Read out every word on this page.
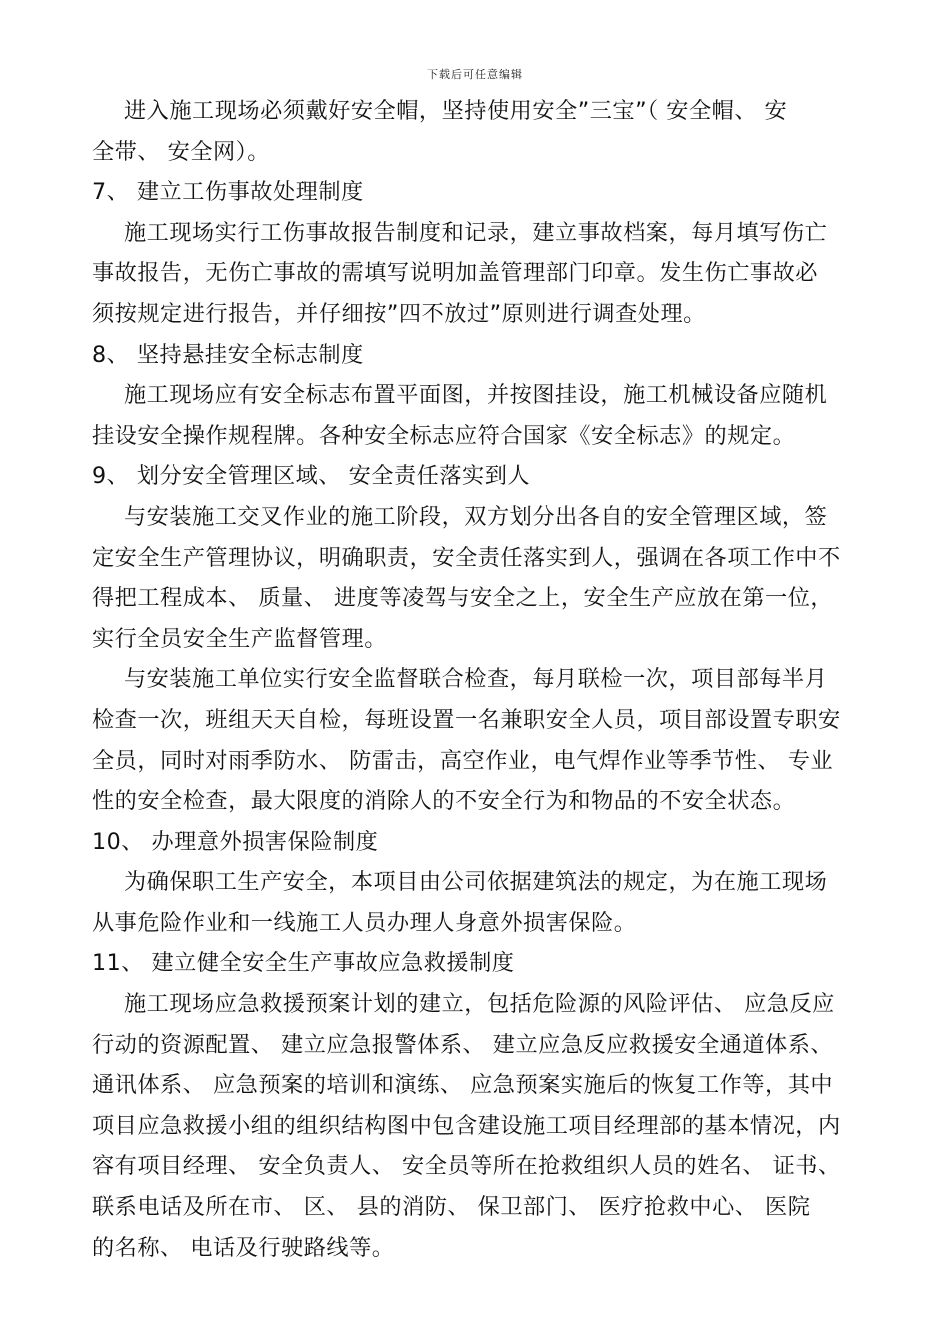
下载后可任意编辑
进入施工现场必须戴好安全帽，坚持使用安全”三宝”（ 安全帽、 安
全带、 安全网）。
7、 建立工伤事故处理制度
施工现场实行工伤事故报告制度和记录，建立事故档案，每月填写伤亡
事故报告，无伤亡事故的需填写说明加盖管理部门印章。发生伤亡事故必
须按规定进行报告，并仔细按”四不放过”原则进行调查处理。
8、 坚持悬挂安全标志制度
施工现场应有安全标志布置平面图，并按图挂设，施工机械设备应随机
挂设安全操作规程牌。各种安全标志应符合国家《安全标志》的规定。
9、 划分安全管理区域、 安全责任落实到人
与安装施工交叉作业的施工阶段，双方划分出各自的安全管理区域，签
定安全生产管理协议，明确职责，安全责任落实到人，强调在各项工作中不
得把工程成本、 质量、 进度等凌驾与安全之上，安全生产应放在第一位，
实行全员安全生产监督管理。
与安装施工单位实行安全监督联合检查，每月联检一次，项目部每半月
检查一次，班组天天自检，每班设置一名兼职安全人员，项目部设置专职安
全员，同时对雨季防水、 防雷击，高空作业，电气焊作业等季节性、 专业
性的安全检查，最大限度的消除人的不安全行为和物品的不安全状态。
10、 办理意外损害保险制度
为确保职工生产安全，本项目由公司依据建筑法的规定，为在施工现场
从事危险作业和一线施工人员办理人身意外损害保险。
11、 建立健全安全生产事故应急救援制度
施工现场应急救援预案计划的建立，包括危险源的风险评估、 应急反应
行动的资源配置、 建立应急报警体系、 建立应急反应救援安全通道体系、
通讯体系、 应急预案的培训和演练、 应急预案实施后的恢复工作等，其中
项目应急救援小组的组织结构图中包含建设施工项目经理部的基本情况，内
容有项目经理、 安全负责人、 安全员等所在抢救组织人员的姓名、 证书、
联系电话及所在市、 区、 县的消防、 保卫部门、 医疗抢救中心、 医院
的名称、 电话及行驶路线等。
